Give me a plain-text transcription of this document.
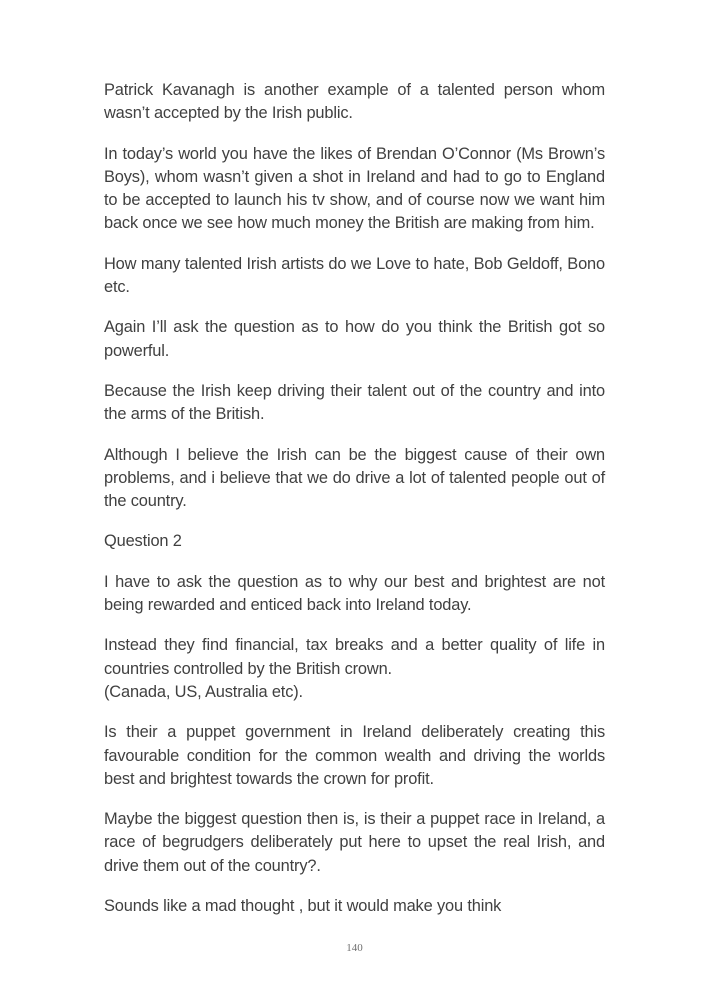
Patrick Kavanagh is another example of a talented person whom wasn’t accepted by the Irish public.

In today’s world you have the likes of Brendan O’Connor (Ms Brown’s Boys), whom wasn’t given a shot in Ireland and had to go to England to be accepted to launch his tv show, and of course now we want him back once we see how much money the British are making from him.

How many talented Irish artists do we Love to hate, Bob Geldoff, Bono etc.

Again I’ll ask the question as to how do you think the British got so powerful.

Because the Irish keep driving their talent out of the country and into the arms of the British.

Although I believe the Irish can be the biggest cause of their own problems, and i believe that we do drive a lot of talented people out of the country.

Question 2

I have to ask the question as to why our best and brightest are not being rewarded and enticed back into Ireland today.

Instead they find financial, tax breaks and a better quality of life in countries controlled by the British crown.
(Canada, US, Australia etc).

Is their a puppet government in Ireland deliberately creating this favourable condition for the common wealth and driving the worlds best and brightest towards the crown for profit.

Maybe the biggest question then is, is their a puppet race in Ireland, a race of begrudgers deliberately put here to upset the real Irish, and drive them out of the country?.

Sounds like a mad thought , but it would make you think

140
